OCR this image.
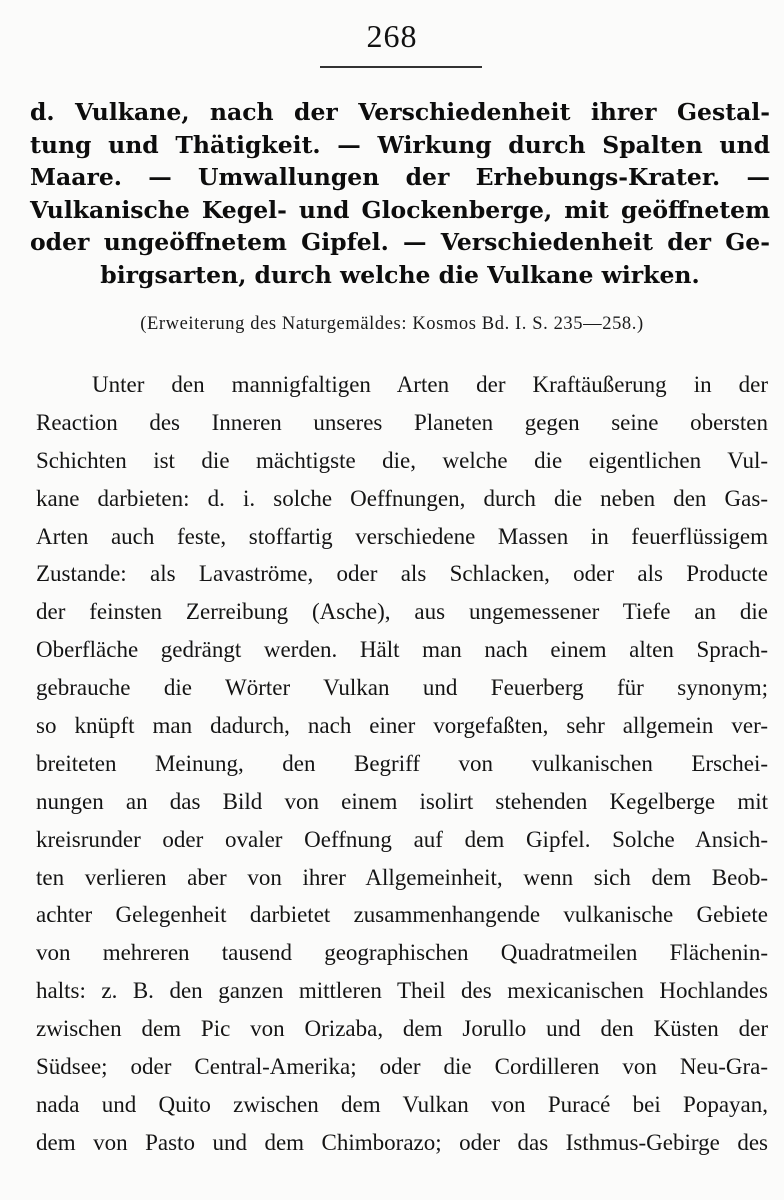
268
d. Vulkane, nach der Verschiedenheit ihrer Gestal-
tung und Thätigkeit. — Wirkung durch Spalten und
Maare. — Umwallungen der Erhebungs-Krater. —
Vulkanische Kegel- und Glockenberge, mit geöffnetem
oder ungeöffnetem Gipfel. — Verschiedenheit der Ge-
birgsarten, durch welche die Vulkane wirken.
(Erweiterung des Naturgemäldes: Kosmos Bd. I. S. 235—258.)
Unter den mannigfaltigen Arten der Kraftäußerung in der
Reaction des Inneren unseres Planeten gegen seine obersten
Schichten ist die mächtigste die, welche die eigentlichen Vul-
kane darbieten: d. i. solche Oeffnungen, durch die neben den Gas-
Arten auch feste, stoffartig verschiedene Massen in feuerflüssigem
Zustande: als Lavaströme, oder als Schlacken, oder als Producte
der feinsten Zerreibung (Asche), aus ungemessener Tiefe an die
Oberfläche gedrängt werden. Hält man nach einem alten Sprach-
gebrauche die Wörter Vulkan und Feuerberg für synonym;
so knüpft man dadurch, nach einer vorgefaßten, sehr allgemein ver-
breiteten Meinung, den Begriff von vulkanischen Erschei-
nungen an das Bild von einem isolirt stehenden Kegelberge mit
kreisrunder oder ovaler Oeffnung auf dem Gipfel. Solche Ansich-
ten verlieren aber von ihrer Allgemeinheit, wenn sich dem Beob-
achter Gelegenheit darbietet zusammenhangende vulkanische Gebiete
von mehreren tausend geographischen Quadratmeilen Flächenin-
halts: z. B. den ganzen mittleren Theil des mexicanischen Hochlandes
zwischen dem Pic von Orizaba, dem Jorullo und den Küsten der
Südsee; oder Central-Amerika; oder die Cordilleren von Neu-Gra-
nada und Quito zwischen dem Vulkan von Puracé bei Popayan,
dem von Pasto und dem Chimborazo; oder das Isthmus-Gebirge des
